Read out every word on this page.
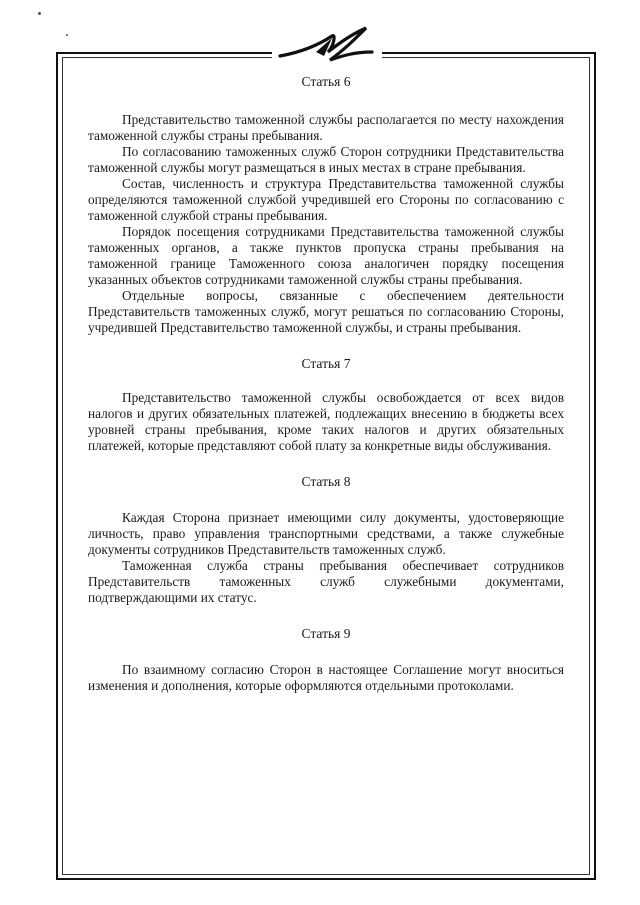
Статья 6

Представительство таможенной службы располагается по месту нахождения таможенной службы страны пребывания.

По согласованию таможенных служб Сторон сотрудники Представительства таможенной службы могут размещаться в иных местах в стране пребывания.

Состав, численность и структура Представительства таможенной службы определяются таможенной службой учредившей его Стороны по согласованию с таможенной службой страны пребывания.

Порядок посещения сотрудниками Представительства таможенной службы таможенных органов, а также пунктов пропуска страны пребывания на таможенной границе Таможенного союза аналогичен порядку посещения указанных объектов сотрудниками таможенной службы страны пребывания.

Отдельные вопросы, связанные с обеспечением деятельности Представительств таможенных служб, могут решаться по согласованию Стороны, учредившей Представительство таможенной службы, и страны пребывания.

Статья 7

Представительство таможенной службы освобождается от всех видов налогов и других обязательных платежей, подлежащих внесению в бюджеты всех уровней страны пребывания, кроме таких налогов и других обязательных платежей, которые представляют собой плату за конкретные виды обслуживания.

Статья 8

Каждая Сторона признает имеющими силу документы, удостоверяющие личность, право управления транспортными средствами, а также служебные документы сотрудников Представительств таможенных служб.

Таможенная служба страны пребывания обеспечивает сотрудников Представительств таможенных служб служебными документами, подтверждающими их статус.

Статья 9

По взаимному согласию Сторон в настоящее Соглашение могут вноситься изменения и дополнения, которые оформляются отдельными протоколами.
